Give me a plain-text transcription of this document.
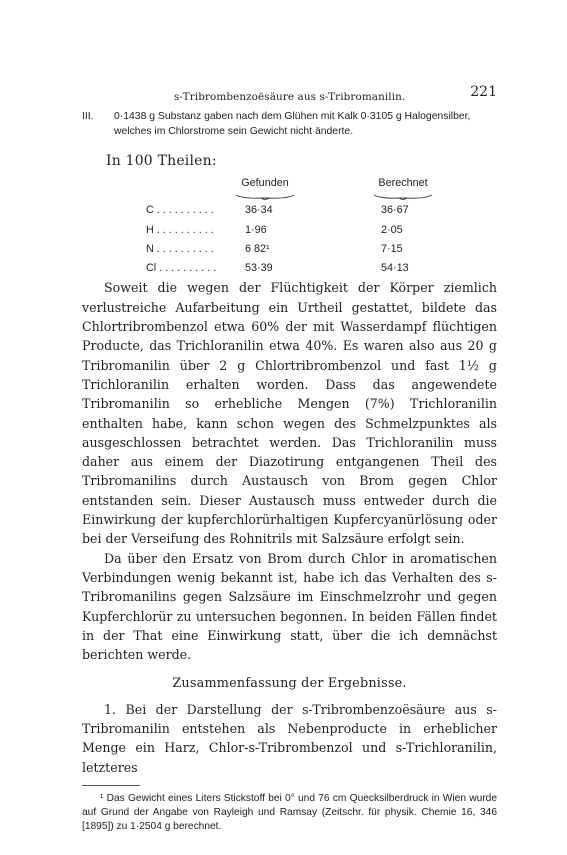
s-Tribrombenzoësäure aus s-Tribromanilin.	221
III. 0·1438 g Substanz gaben nach dem Glühen mit Kalk 0·3105 g Halogensilber, welches im Chlorstrome sein Gewicht nicht änderte.
In 100 Theilen:
	Gefunden	Berechnet

C . . . . . . . . . .	36·34	36·67
H . . . . . . . . . .	1·96	2·05
N . . . . . . . . . .	6 82¹	7·15
Cl . . . . . . . . . .	53·39	54·13

Soweit die wegen der Flüchtigkeit der Körper ziemlich verlustreiche Aufarbeitung ein Urtheil gestattet, bildete das Chlortribrombenzol etwa 60% der mit Wasserdampf flüchtigen Producte, das Trichloranilin etwa 40%. Es waren also aus 20 g Tribromanilin über 2 g Chlortribrombenzol und fast 1½ g Trichloranilin erhalten worden. Dass das angewendete Tribromanilin so erhebliche Mengen (7%) Trichloranilin enthalten habe, kann schon wegen des Schmelzpunktes als ausgeschlossen betrachtet werden. Das Trichloranilin muss daher aus einem der Diazotirung entgangenen Theil des Tribromanilins durch Austausch von Brom gegen Chlor entstanden sein. Dieser Austausch muss entweder durch die Einwirkung der kupferchlorürhaltigen Kupfercyanürlösung oder bei der Verseifung des Rohnitrils mit Salzsäure erfolgt sein.

Da über den Ersatz von Brom durch Chlor in aromatischen Verbindungen wenig bekannt ist, habe ich das Verhalten des s-Tribromanilins gegen Salzsäure im Einschmelzrohr und gegen Kupferchlorür zu untersuchen begonnen. In beiden Fällen findet in der That eine Einwirkung statt, über die ich demnächst berichten werde.

Zusammenfassung der Ergebnisse.

1. Bei der Darstellung der s-Tribrombenzoësäure aus s-Tribromanilin entstehen als Nebenproducte in erheblicher Menge ein Harz, Chlor-s-Tribrombenzol und s-Trichloranilin, letzteres

¹ Das Gewicht eines Liters Stickstoff bei 0° und 76 cm Quecksilberdruck in Wien wurde auf Grund der Angabe von Rayleigh und Ramsay (Zeitschr. für physik. Chemie 16, 346 [1895]) zu 1·2504 g berechnet.
